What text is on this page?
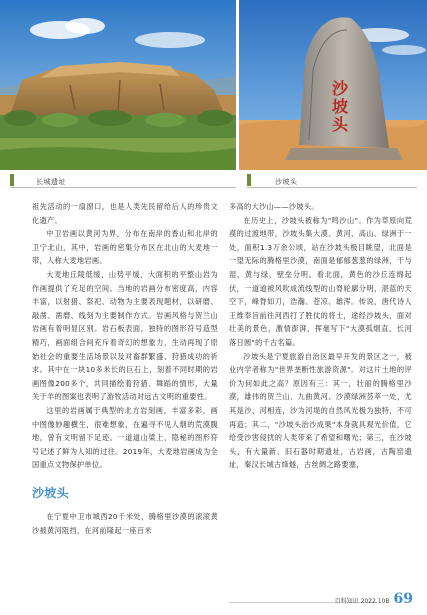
沙坡头
长城遗址	沙坡头

祖先活动的一扇窗口，也是人类先民留给后人的珍贵文化遗产。

中卫岩画以黄河为界，分布在南岸的香山和北岸的卫宁北山，其中，岩画的密集分布区在北山的大麦地一带，人称大麦地岩画。

大麦地丘陵低缓，山势平缓，大面积的平整山岩为作画提供了充足的空间。当地的岩画分布密度高，内容丰富，以射猎、祭祀、动物为主要表现题材，以研磨、敲凿、凿磨、线刻为主要制作方式。岩画风格与贺兰山岩画有着明显区别。岩石板表面，独特的图形符号造型精巧，画面组合间充斥着奇幻的想象力，生动再现了原始社会的重要生活场景以及对畜群繁盛、狩猎成功的祈求。其中在一块10多米长的巨石上，刻着不同时期的岩画图像200多个，共同描绘着狩猎、舞蹈的情形，大量关于羊的图案也表明了游牧活动对远古文明的重要性。

这里的岩画属于典型的北方岩刻画，丰富多彩，画中图像妙趣横生，很难想象，在遍寻不见人烟的荒漠腹地，曾有文明留下足迹。一道道山梁上，隐秘的图形符号记述了鲜为人知的过往。2019年，大麦地岩画成为全国重点文物保护单位。

沙坡头

在宁夏中卫市城西20千米处，腾格里沙漠的滚滚黄沙被黄河阻挡，在河前隆起一座百米

多高的大沙山——沙坡头。

在历史上，沙坡头被称为"鸣沙山"。作为草原向荒漠的过渡地带，沙坡头集大漠、黄河、高山、绿洲于一处，面积1.3万余公顷，站在沙坡头极目眺望，北面是一望无际的腾格里沙漠，南面是郁郁葱葱的绿洲，干与湿，黄与绿，壁垒分明。看北面，黄色的沙丘连绵起伏，一道道被风吹成流线型的山脊轮廓分明，湛蓝的天空下，峰脊如刀，浩瀚、苍凉、雄浑。传说，唐代诗人王维奉旨前往河西打了胜仗的将士，途经沙坡头，面对壮美的景色，激情澎湃，挥毫写下"大漠孤烟直，长河落日圆"的千古名篇。

沙坡头是宁夏旅游自治区最早开发的景区之一，被业内学者称为"世界垄断性旅游资源"。对这片土地的评价为何如此之高？原因有三：其一，壮丽的腾格里沙漠，雄伟的贺兰山、九曲黄河、沙漠绿洲荟萃一处，尤其是沙、河相连，沙为河堤的自然风光极为独特，不可再造；其二，"沙坡头治沙成果"本身就具观光价值，它给受沙害侵扰的人类带来了希望和曙光；第三，在沙坡头，有大量新、旧石器时期遗址，古岩画，古陶窑遗址，秦汉长城古烽燧，古丝绸之路要塞，

百科知识 2022.10B 69
